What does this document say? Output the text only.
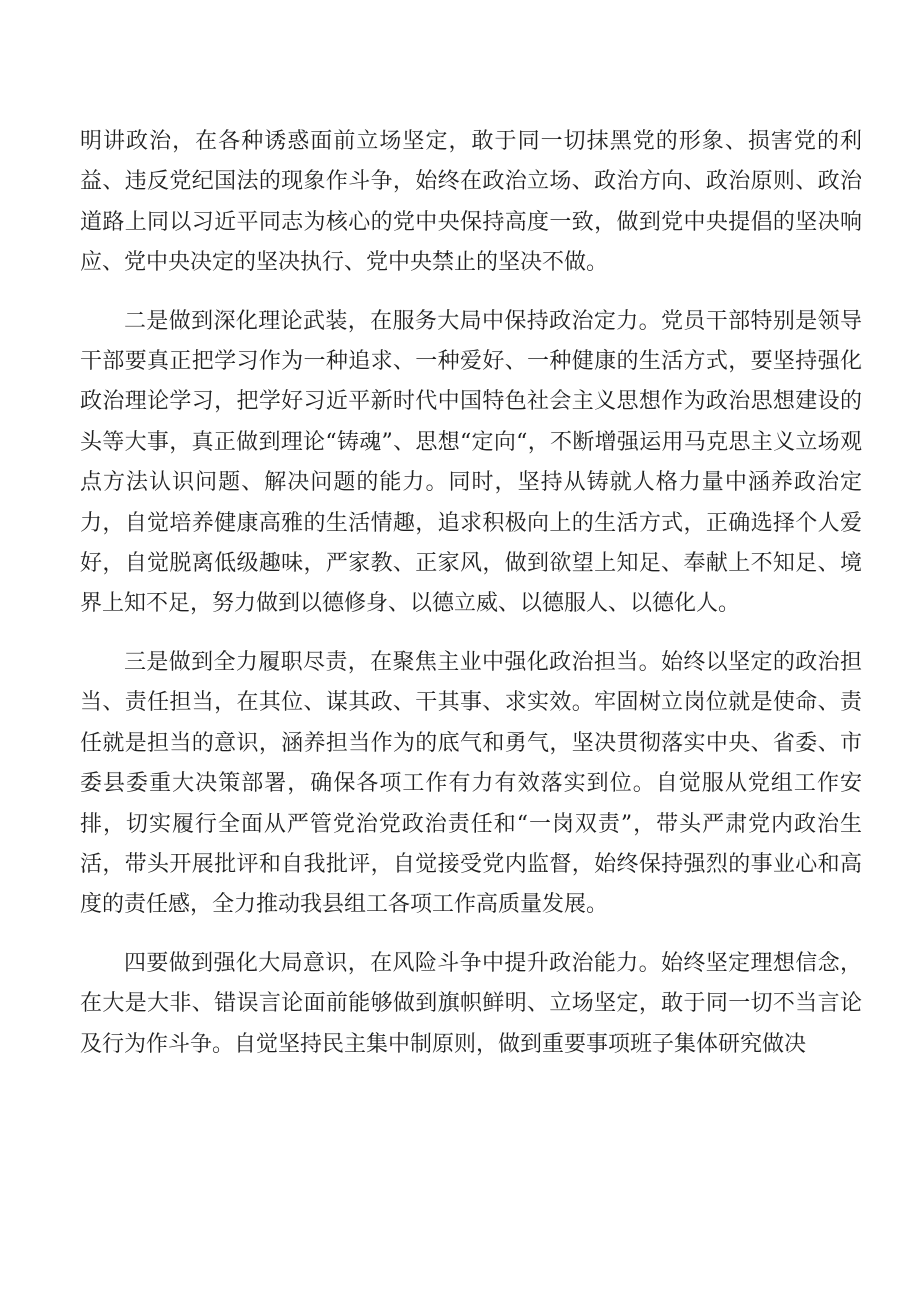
明讲政治，在各种诱惑面前立场坚定，敢于同一切抹黑党的形象、损害党的利益、违反党纪国法的现象作斗争，始终在政治立场、政治方向、政治原则、政治道路上同以习近平同志为核心的党中央保持高度一致，做到党中央提倡的坚决响应、党中央决定的坚决执行、党中央禁止的坚决不做。

二是做到深化理论武装，在服务大局中保持政治定力。党员干部特别是领导干部要真正把学习作为一种追求、一种爱好、一种健康的生活方式，要坚持强化政治理论学习，把学好习近平新时代中国特色社会主义思想作为政治思想建设的头等大事，真正做到理论“铸魂”、思想“定向“，不断增强运用马克思主义立场观点方法认识问题、解决问题的能力。同时，坚持从铸就人格力量中涵养政治定力，自觉培养健康高雅的生活情趣，追求积极向上的生活方式，正确选择个人爱好，自觉脱离低级趣味，严家教、正家风，做到欲望上知足、奉献上不知足、境界上知不足，努力做到以德修身、以德立威、以德服人、以德化人。

三是做到全力履职尽责，在聚焦主业中强化政治担当。始终以坚定的政治担当、责任担当，在其位、谋其政、干其事、求实效。牢固树立岗位就是使命、责任就是担当的意识，涵养担当作为的底气和勇气，坚决贯彻落实中央、省委、市委县委重大决策部署，确保各项工作有力有效落实到位。自觉服从党组工作安排，切实履行全面从严管党治党政治责任和“一岗双责”，带头严肃党内政治生活，带头开展批评和自我批评，自觉接受党内监督，始终保持强烈的事业心和高度的责任感，全力推动我县组工各项工作高质量发展。

四要做到强化大局意识，在风险斗争中提升政治能力。始终坚定理想信念，在大是大非、错误言论面前能够做到旗帜鲜明、立场坚定，敢于同一切不当言论及行为作斗争。自觉坚持民主集中制原则，做到重要事项班子集体研究做决
